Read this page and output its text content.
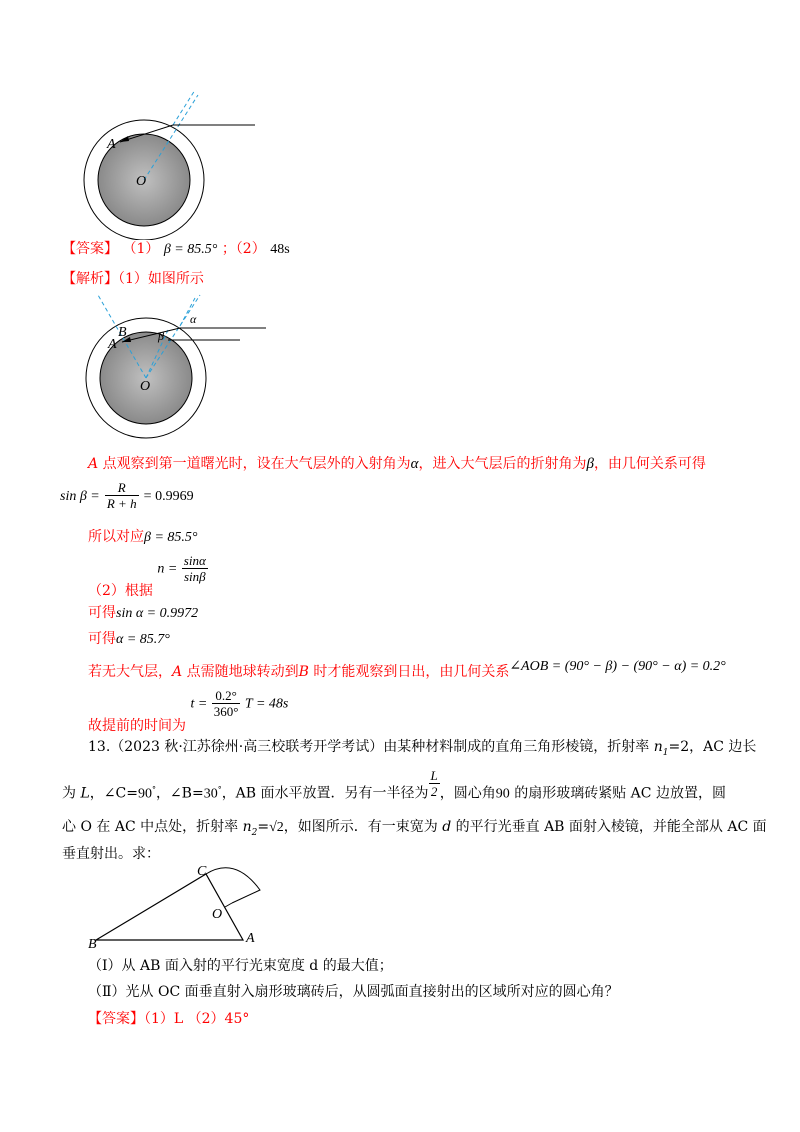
A
O
【答案】 （1） β = 85.5° ；（2） 48s
【解析】（1）如图所示
A
B	β
α
O
A 点观察到第一道曙光时，设在大气层外的入射角为α，进入大气层后的折射角为β，由几何关系可得
$\sin \beta = \frac{R}{R + h} = 0.9969$
所以对应β = 85.5°
（2）根据 $n = \frac{\sin\alpha}{\sin\beta}$
可得sin α = 0.9972
可得α = 85.7°
若无大气层，A 点需随地球转动到B 时才能观察到日出，由几何关系∠AOB = (90° − β) − (90° − α) = 0.2°
故提前的时间为 $t = \frac{0.2^\circ}{360^\circ}$ T = 48s
13.（2023 秋·江苏徐州·高三校联考开学考试）由某种材料制成的直角三角形棱镜，折射率 $n_1=2$，AC 边长
为 L，∠C=90°，∠B=30°，AB 面水平放置．另有一半径为 $\frac{L}{2}$ ，圆心角90 的扇形玻璃砖紧贴 AC 边放置，圆
心 O 在 AC 中点处，折射率 $n_2=√2$，如图所示．有一束宽为 d 的平行光垂直 AB 面射入棱镜，并能全部从 AC 面
垂直射出。求：
C
O
B	A
（Ⅰ）从 AB 面入射的平行光束宽度 d 的最大值；
（Ⅱ）光从 OC 面垂直射入扇形玻璃砖后，从圆弧面直接射出的区域所对应的圆心角？
【答案】（1）L （2）45°
